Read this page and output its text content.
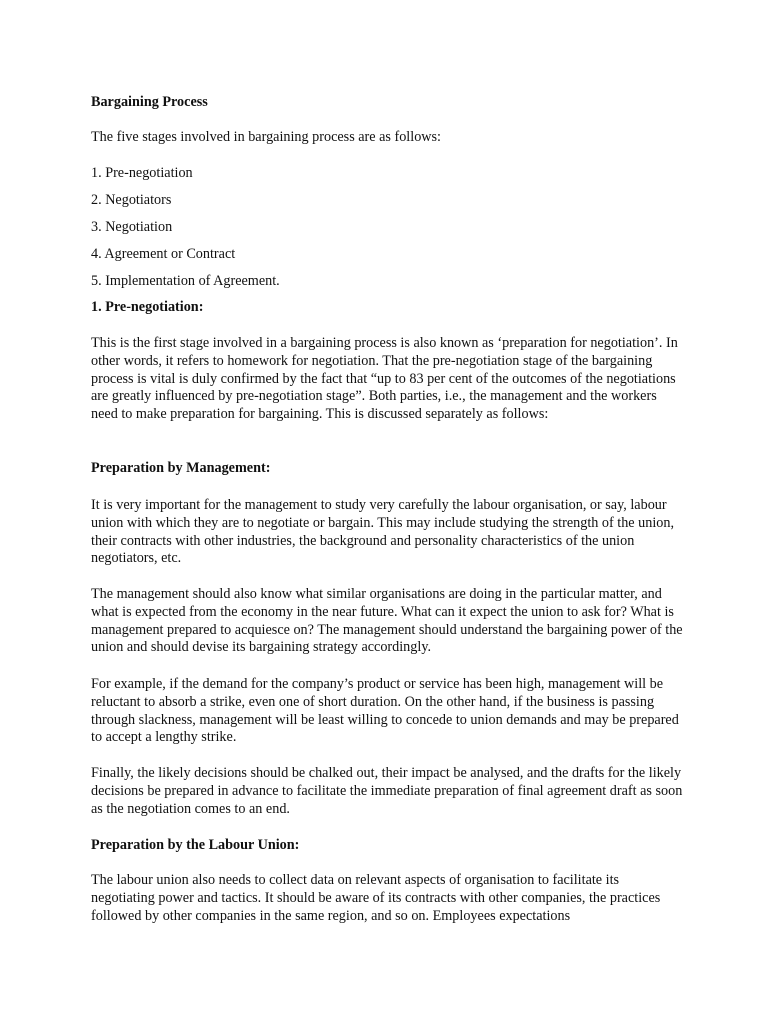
Bargaining Process

The five stages involved in bargaining process are as follows:

1. Pre-negotiation

2. Negotiators

3. Negotiation

4. Agreement or Contract

5. Implementation of Agreement.

1. Pre-negotiation:

This is the first stage involved in a bargaining process is also known as ‘preparation for negotiation’. In other words, it refers to homework for negotiation. That the pre-negotiation stage of the bargaining process is vital is duly confirmed by the fact that “up to 83 per cent of the outcomes of the negotiations are greatly influenced by pre-negotiation stage”. Both parties, i.e., the management and the workers need to make preparation for bargaining. This is discussed separately as follows:

Preparation by Management:

It is very important for the management to study very carefully the labour organisation, or say, labour union with which they are to negotiate or bargain. This may include studying the strength of the union, their contracts with other industries, the background and personality characteristics of the union negotiators, etc.

The management should also know what similar organisations are doing in the particular matter, and what is expected from the economy in the near future. What can it expect the union to ask for? What is management prepared to acquiesce on? The management should understand the bargaining power of the union and should devise its bargaining strategy accordingly.

For example, if the demand for the company’s product or service has been high, management will be reluctant to absorb a strike, even one of short duration. On the other hand, if the business is passing through slackness, management will be least willing to concede to union demands and may be prepared to accept a lengthy strike.

Finally, the likely decisions should be chalked out, their impact be analysed, and the drafts for the likely decisions be prepared in advance to facilitate the immediate preparation of final agreement draft as soon as the negotiation comes to an end.

Preparation by the Labour Union:

The labour union also needs to collect data on relevant aspects of organisation to facilitate its negotiating power and tactics. It should be aware of its contracts with other companies, the practices followed by other companies in the same region, and so on. Employees expectations
